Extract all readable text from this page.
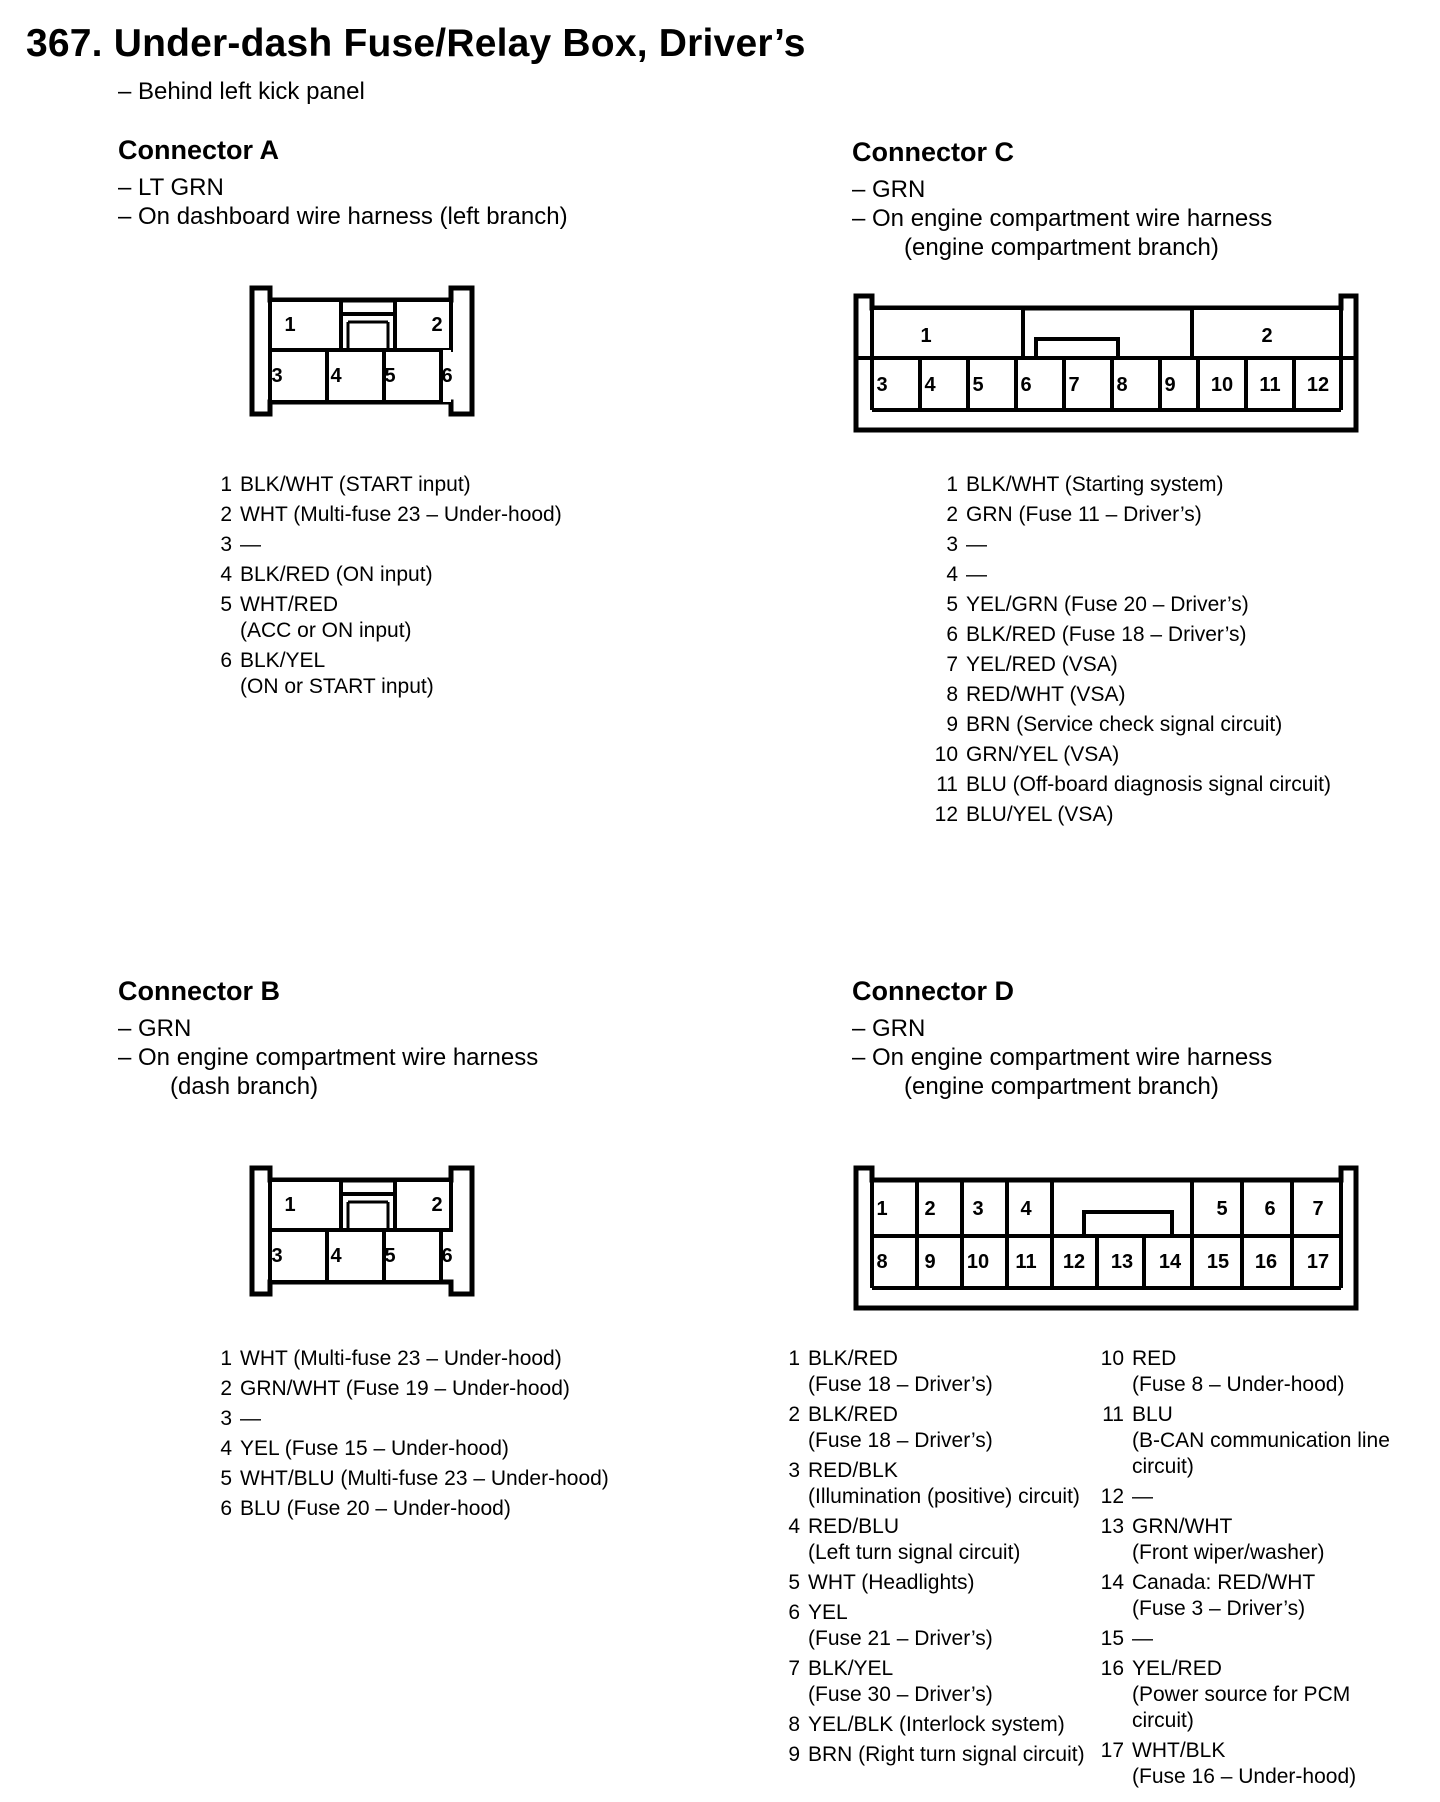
367. Under-dash Fuse/Relay Box, Driver’s
– Behind left kick panel
Connector A
– LT GRN
– On dashboard wire harness (left branch)
Connector C
– GRN
– On engine compartment wire harness
(engine compartment branch)
Connector B
– GRN
– On engine compartment wire harness
(dash branch)
Connector D
– GRN
– On engine compartment wire harness
(engine compartment branch)
1	2
3 4 5 6
1	2
3 4 5 6
1	2
3 4 5 6 7 8 9 10 11 12
1 2 3 4	5 6 7
8 9 10 11 12 13 14 15 16 17
1 BLK/WHT (START input)
2 WHT (Multi-fuse 23 – Under-hood)
3 —
4 BLK/RED (ON input)
5 WHT/RED
(ACC or ON input)
6 BLK/YEL
(ON or START input)
1 BLK/WHT (Starting system)
2 GRN (Fuse 11 – Driver’s)
3 —
4 —
5 YEL/GRN (Fuse 20 – Driver’s)
6 BLK/RED (Fuse 18 – Driver’s)
7 YEL/RED (VSA)
8 RED/WHT (VSA)
9 BRN (Service check signal circuit)
10 GRN/YEL (VSA)
11 BLU (Off-board diagnosis signal circuit)
12 BLU/YEL (VSA)
1 WHT (Multi-fuse 23 – Under-hood)
2 GRN/WHT (Fuse 19 – Under-hood)
3 —
4 YEL (Fuse 15 – Under-hood)
5 WHT/BLU (Multi-fuse 23 – Under-hood)
6 BLU (Fuse 20 – Under-hood)
1 BLK/RED
(Fuse 18 – Driver’s)
2 BLK/RED
(Fuse 18 – Driver’s)
3 RED/BLK
(Illumination (positive) circuit)
4 RED/BLU
(Left turn signal circuit)
5 WHT (Headlights)
6 YEL
(Fuse 21 – Driver’s)
7 BLK/YEL
(Fuse 30 – Driver’s)
8 YEL/BLK (Interlock system)
9 BRN (Right turn signal circuit)
10 RED
(Fuse 8 – Under-hood)
11 BLU
(B-CAN communication line
circuit)
12 —
13 GRN/WHT
(Front wiper/washer)
14 Canada: RED/WHT
(Fuse 3 – Driver’s)
15 —
16 YEL/RED
(Power source for PCM
circuit)
17 WHT/BLK
(Fuse 16 – Under-hood)
